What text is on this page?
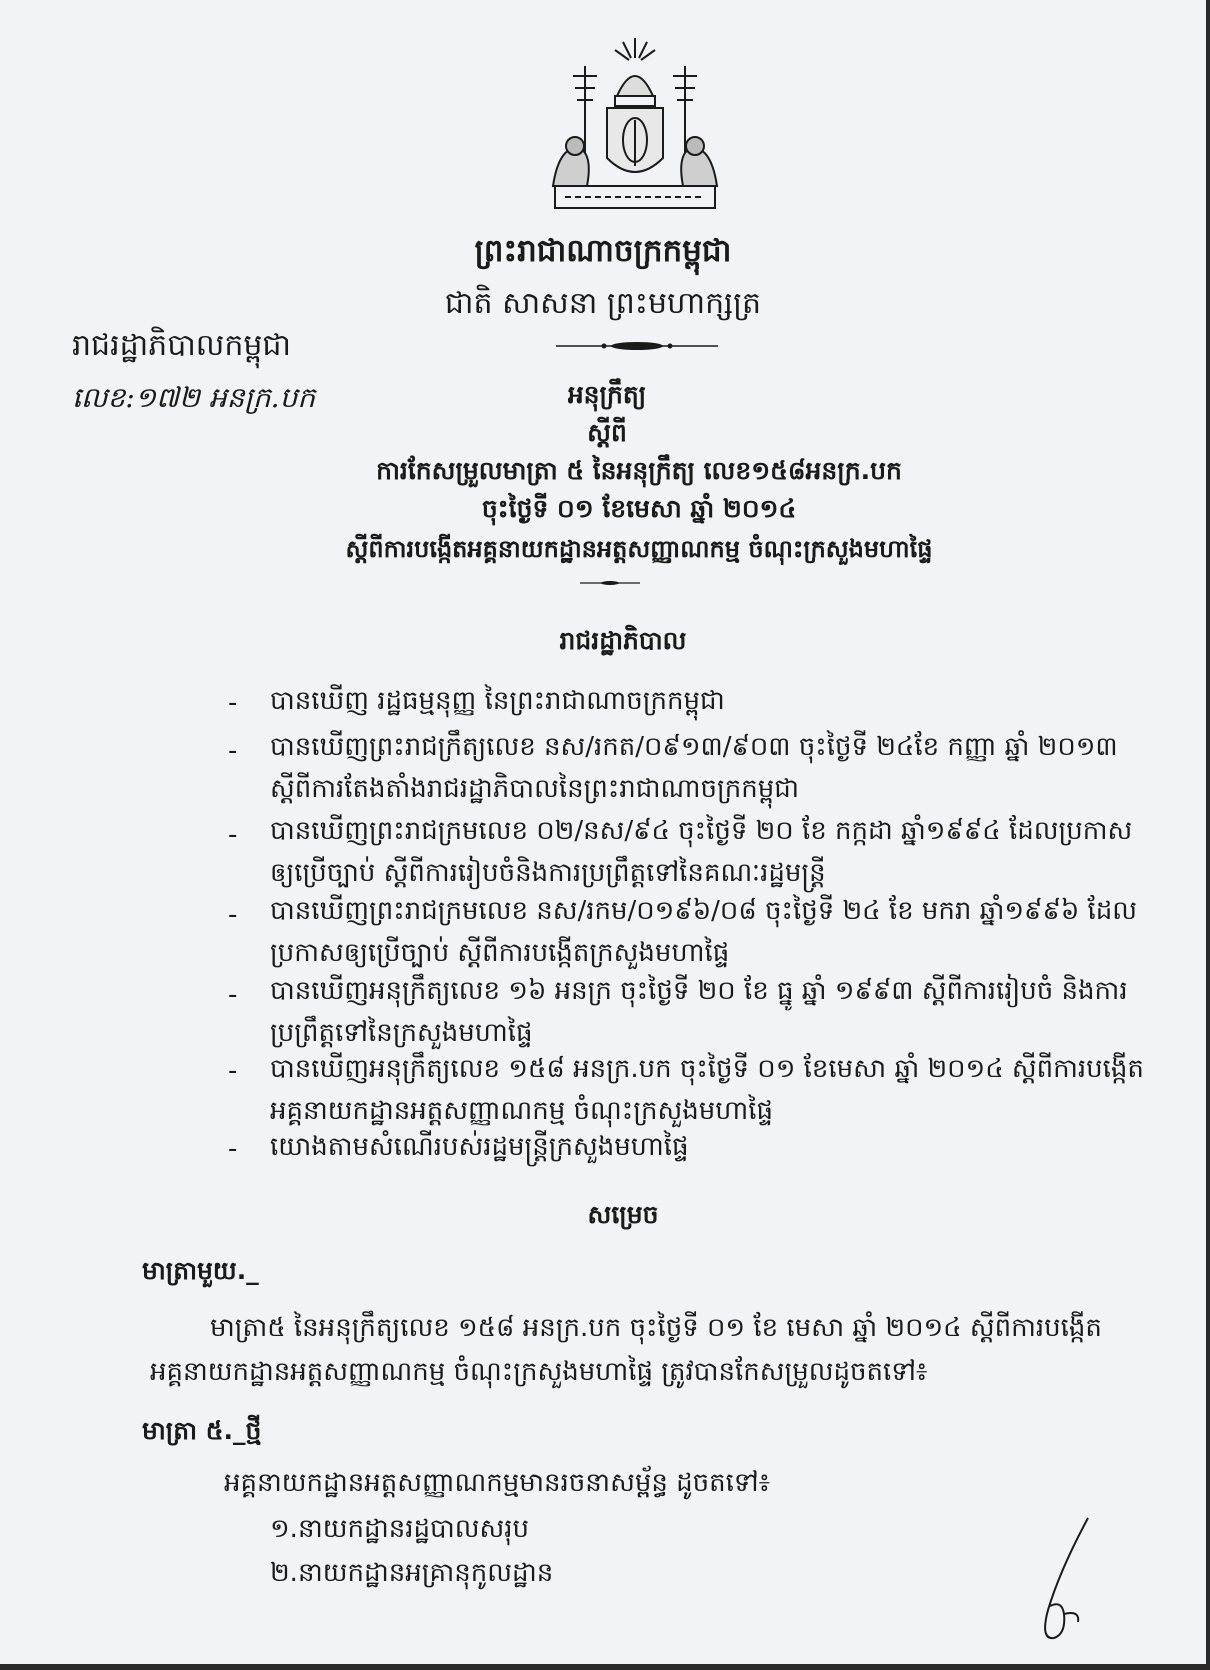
ព្រះរាជាណាចក្រកម្ពុជា
ជាតិ សាសនា ព្រះមហាក្សត្រ
រាជរដ្ឋាភិបាលកម្ពុជា
លេខ:១៧២ អនក្រ.បក	អនុក្រឹត្យ
ស្តីពី
ការកែសម្រួលមាត្រា ៥ នៃអនុក្រឹត្យ លេខ១៥៨អនក្រ.បក
ចុះថ្ងៃទី ០១ ខែមេសា ឆ្នាំ ២០១៤
ស្តីពីការបង្កើតអគ្គនាយកដ្ឋានអត្តសញ្ញាណកម្ម ចំណុះក្រសួងមហាផ្ទៃ
រាជរដ្ឋាភិបាល
- បានឃើញ រដ្ឋធម្មនុញ្ញ នៃព្រះរាជាណាចក្រកម្ពុជា
- បានឃើញព្រះរាជក្រឹត្យលេខ នស/រកត/០៩១៣/៩០៣ ចុះថ្ងៃទី ២៤ខែ កញ្ញា ឆ្នាំ ២០១៣ ស្តីពីការតែងតាំងរាជរដ្ឋាភិបាលនៃព្រះរាជាណាចក្រកម្ពុជា
- បានឃើញព្រះរាជក្រមលេខ ០២/នស/៩៤ ចុះថ្ងៃទី ២០ ខែ កក្កដា ឆ្នាំ១៩៩៤ ដែលប្រកាសឲ្យប្រើច្បាប់ ស្តីពីការរៀបចំនិងការប្រព្រឹត្តទៅនៃគណៈរដ្ឋមន្ត្រី
- បានឃើញព្រះរាជក្រមលេខ នស/រកម/០១៩៦/០៨ ចុះថ្ងៃទី ២៤ ខែ មករា ឆ្នាំ១៩៩៦ ដែលប្រកាសឲ្យប្រើច្បាប់ ស្តីពីការបង្កើតក្រសួងមហាផ្ទៃ
- បានឃើញអនុក្រឹត្យលេខ ១៦ អនក្រ ចុះថ្ងៃទី ២០ ខែ ធ្នូ ឆ្នាំ ១៩៩៣ ស្តីពីការរៀបចំ និងការប្រព្រឹត្តទៅនៃក្រសួងមហាផ្ទៃ
- បានឃើញអនុក្រឹត្យលេខ ១៥៨ អនក្រ.បក ចុះថ្ងៃទី ០១ ខែមេសា ឆ្នាំ ២០១៤ ស្តីពីការបង្កើតអគ្គនាយកដ្ឋានអត្តសញ្ញាណកម្ម ចំណុះក្រសួងមហាផ្ទៃ
- យោងតាមសំណើរបស់រដ្ឋមន្ត្រីក្រសួងមហាផ្ទៃ
សម្រេច
មាត្រាមួយ._
មាត្រា៥ នៃអនុក្រឹត្យលេខ ១៥៨ អនក្រ.បក ចុះថ្ងៃទី ០១ ខែ មេសា ឆ្នាំ ២០១៤ ស្តីពីការបង្កើតអគ្គនាយកដ្ឋានអត្តសញ្ញាណកម្ម ចំណុះក្រសួងមហាផ្ទៃ ត្រូវបានកែសម្រួលដូចតទៅ៖
មាត្រា ៥._ថ្មី
អគ្គនាយកដ្ឋានអត្តសញ្ញាណកម្មមានរចនាសម្ព័ន្ធ ដូចតទៅ៖
១.នាយកដ្ឋានរដ្ឋបាលសរុប
២.នាយកដ្ឋានអគ្រានុកូលដ្ឋាន
